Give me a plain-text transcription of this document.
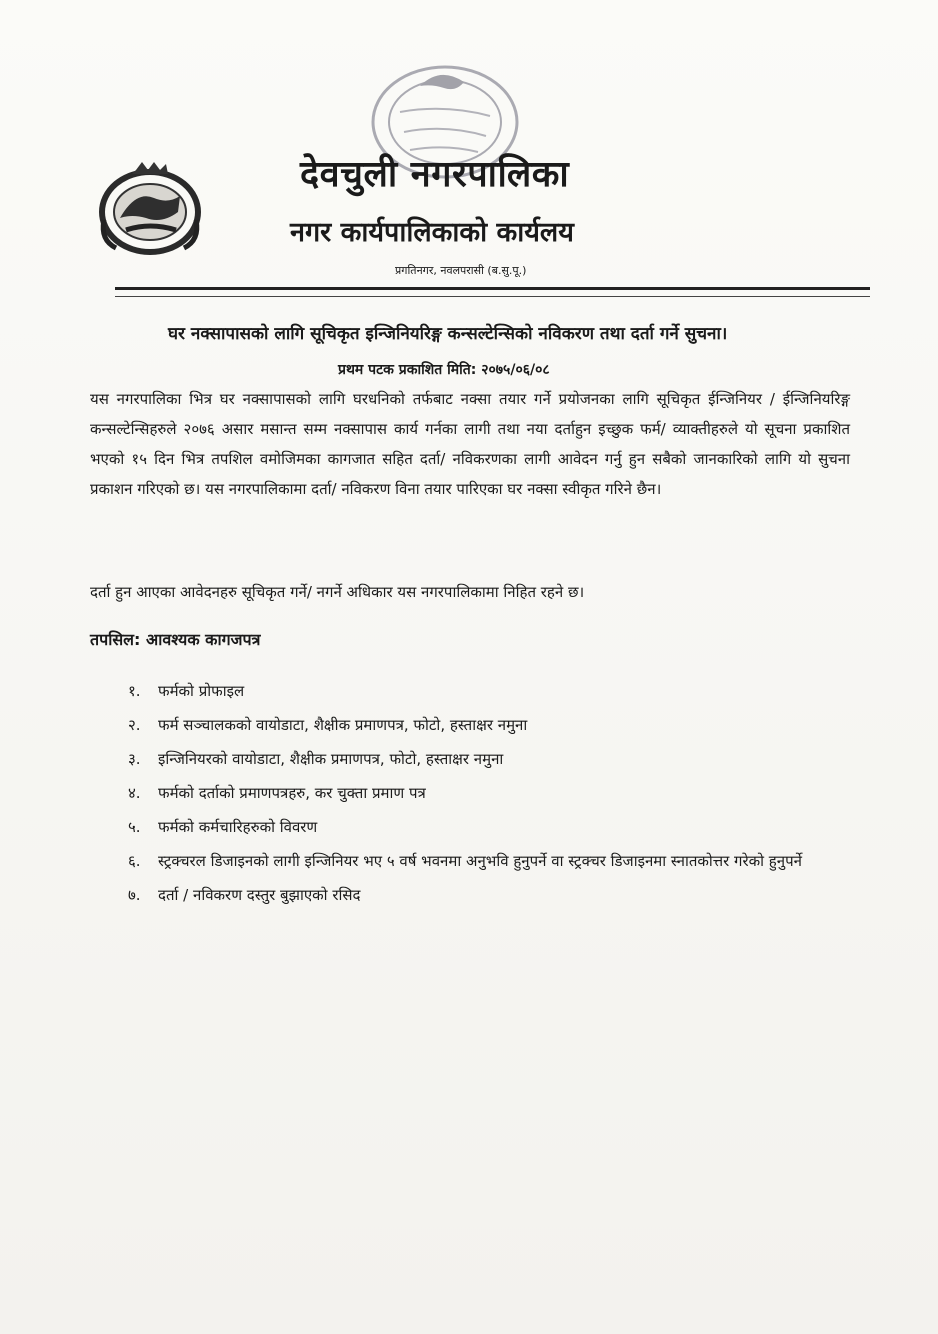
देवचुली नगरपालिका
नगर कार्यपालिकाको कार्यलय
प्रगतिनगर, नवलपरासी (ब.सु.पू.)
घर नक्सापासको लागि सूचिकृत इन्जिनियरिङ्ग कन्सल्टेन्सिको नविकरण तथा दर्ता गर्ने सुचना।
प्रथम पटक प्रकाशित मिति: २०७५/०६/०८
यस नगरपालिका भित्र घर नक्सापासको लागि घरधनिको तर्फबाट नक्सा तयार गर्ने प्रयोजनका लागि सूचिकृत ईन्जिनियर / ईन्जिनियरिङ्ग कन्सल्टेन्सिहरुले २०७६ असार मसान्त सम्म नक्सापास कार्य गर्नका लागी तथा नया दर्ताहुन इच्छुक फर्म/ व्याक्तीहरुले यो सूचना प्रकाशित भएको १५ दिन भित्र तपशिल वमोजिमका कागजात सहित दर्ता/ नविकरणका लागी आवेदन गर्नु हुन सबैको जानकारिको लागि यो सुचना प्रकाशन गरिएको छ। यस नगरपालिकामा दर्ता/ नविकरण विना तयार पारिएका घर नक्सा स्वीकृत गरिने छैन।
दर्ता हुन आएका आवेदनहरु सूचिकृत गर्ने/ नगर्ने अधिकार यस नगरपालिकामा निहित रहने छ।
तपसिल: आवश्यक कागजपत्र
१.	फर्मको प्रोफाइल
२.	फर्म सञ्चालकको वायोडाटा, शैक्षीक प्रमाणपत्र, फोटो, हस्ताक्षर नमुना
३.	इन्जिनियरको वायोडाटा, शैक्षीक प्रमाणपत्र, फोटो, हस्ताक्षर नमुना
४.	फर्मको दर्ताको प्रमाणपत्रहरु, कर चुक्ता प्रमाण पत्र
५.	फर्मको कर्मचारिहरुको विवरण
६.	स्ट्रक्चरल डिजाइनको लागी इन्जिनियर भए ५ वर्ष भवनमा अनुभवि हुनुपर्ने वा स्ट्रक्चर डिजाइनमा स्नातकोत्तर गरेको हुनुपर्ने
७.	दर्ता / नविकरण दस्तुर बुझाएको रसिद
